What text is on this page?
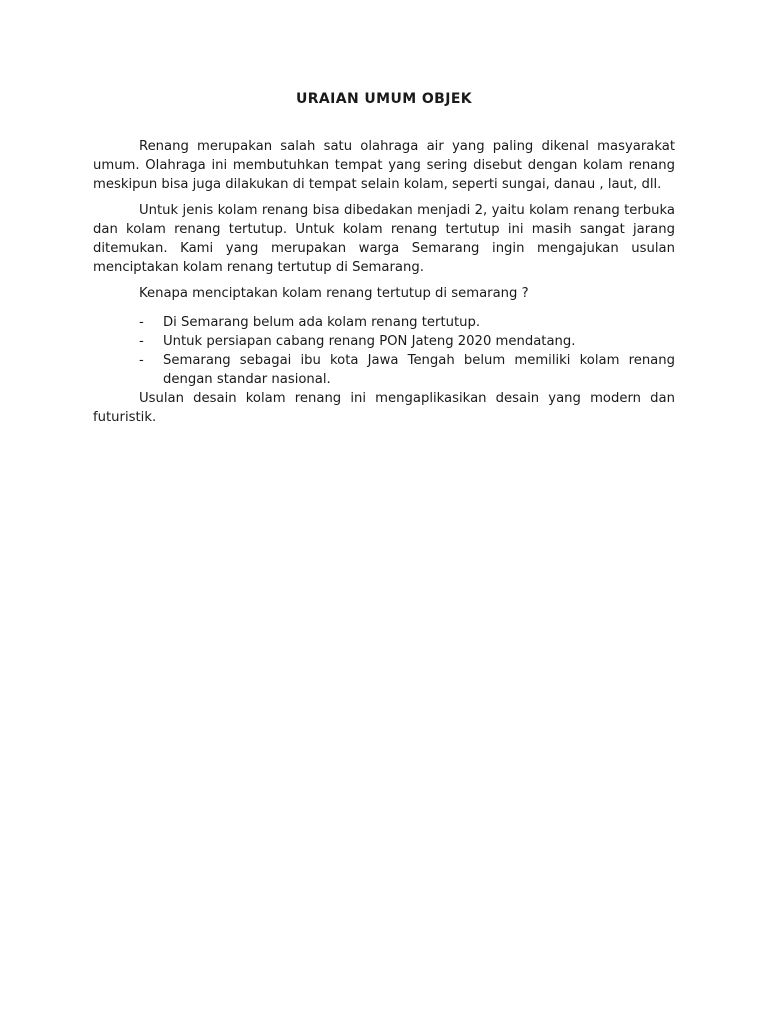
URAIAN UMUM OBJEK

Renang merupakan salah satu olahraga air yang paling dikenal masyarakat umum. Olahraga ini membutuhkan tempat yang sering disebut dengan kolam renang meskipun bisa juga dilakukan di tempat selain kolam, seperti sungai, danau , laut, dll.

Untuk jenis kolam renang bisa dibedakan menjadi 2, yaitu kolam renang terbuka dan kolam renang tertutup. Untuk kolam renang tertutup ini masih sangat jarang ditemukan. Kami yang merupakan warga Semarang ingin mengajukan usulan menciptakan kolam renang tertutup di Semarang.

Kenapa menciptakan kolam renang tertutup di semarang ?

- Di Semarang belum ada kolam renang tertutup.
- Untuk persiapan cabang renang PON Jateng 2020 mendatang.
- Semarang sebagai ibu kota Jawa Tengah belum memiliki kolam renang dengan standar nasional.

Usulan desain kolam renang ini mengaplikasikan desain yang modern dan futuristik.
